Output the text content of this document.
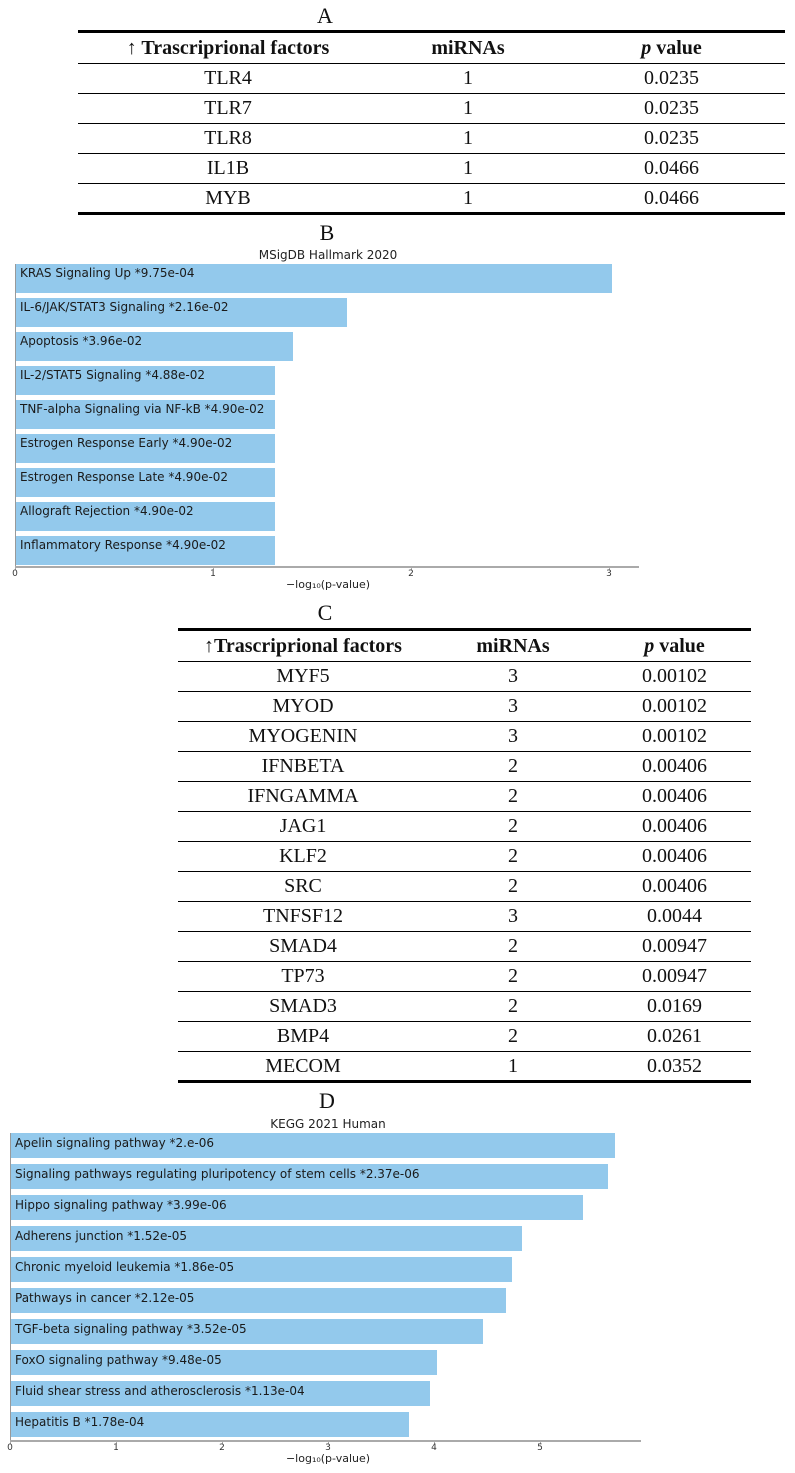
A
↑ Trascriprional factors	miRNAs	p value
TLR4	1	0.0235
TLR7	1	0.0235
TLR8	1	0.0235
IL1B	1	0.0466
MYB	1	0.0466
B
MSigDB Hallmark 2020
KRAS Signaling Up *9.75e-04
IL-6/JAK/STAT3 Signaling *2.16e-02
Apoptosis *3.96e-02
IL-2/STAT5 Signaling *4.88e-02
TNF-alpha Signaling via NF-kB *4.90e-02
Estrogen Response Early *4.90e-02
Estrogen Response Late *4.90e-02
Allograft Rejection *4.90e-02
Inflammatory Response *4.90e-02
0	1	2	3
−log₁₀(p-value)
C
↑Trascriprional factors	miRNAs	p value
MYF5	3	0.00102
MYOD	3	0.00102
MYOGENIN	3	0.00102
IFNBETA	2	0.00406
IFNGAMMA	2	0.00406
JAG1	2	0.00406
KLF2	2	0.00406
SRC	2	0.00406
TNFSF12	3	0.0044
SMAD4	2	0.00947
TP73	2	0.00947
SMAD3	2	0.0169
BMP4	2	0.0261
MECOM	1	0.0352
D
KEGG 2021 Human
Apelin signaling pathway *2.e-06
Signaling pathways regulating pluripotency of stem cells *2.37e-06
Hippo signaling pathway *3.99e-06
Adherens junction *1.52e-05
Chronic myeloid leukemia *1.86e-05
Pathways in cancer *2.12e-05
TGF-beta signaling pathway *3.52e-05
FoxO signaling pathway *9.48e-05
Fluid shear stress and atherosclerosis *1.13e-04
Hepatitis B *1.78e-04
0	1	2	3	4	5
−log₁₀(p-value)
